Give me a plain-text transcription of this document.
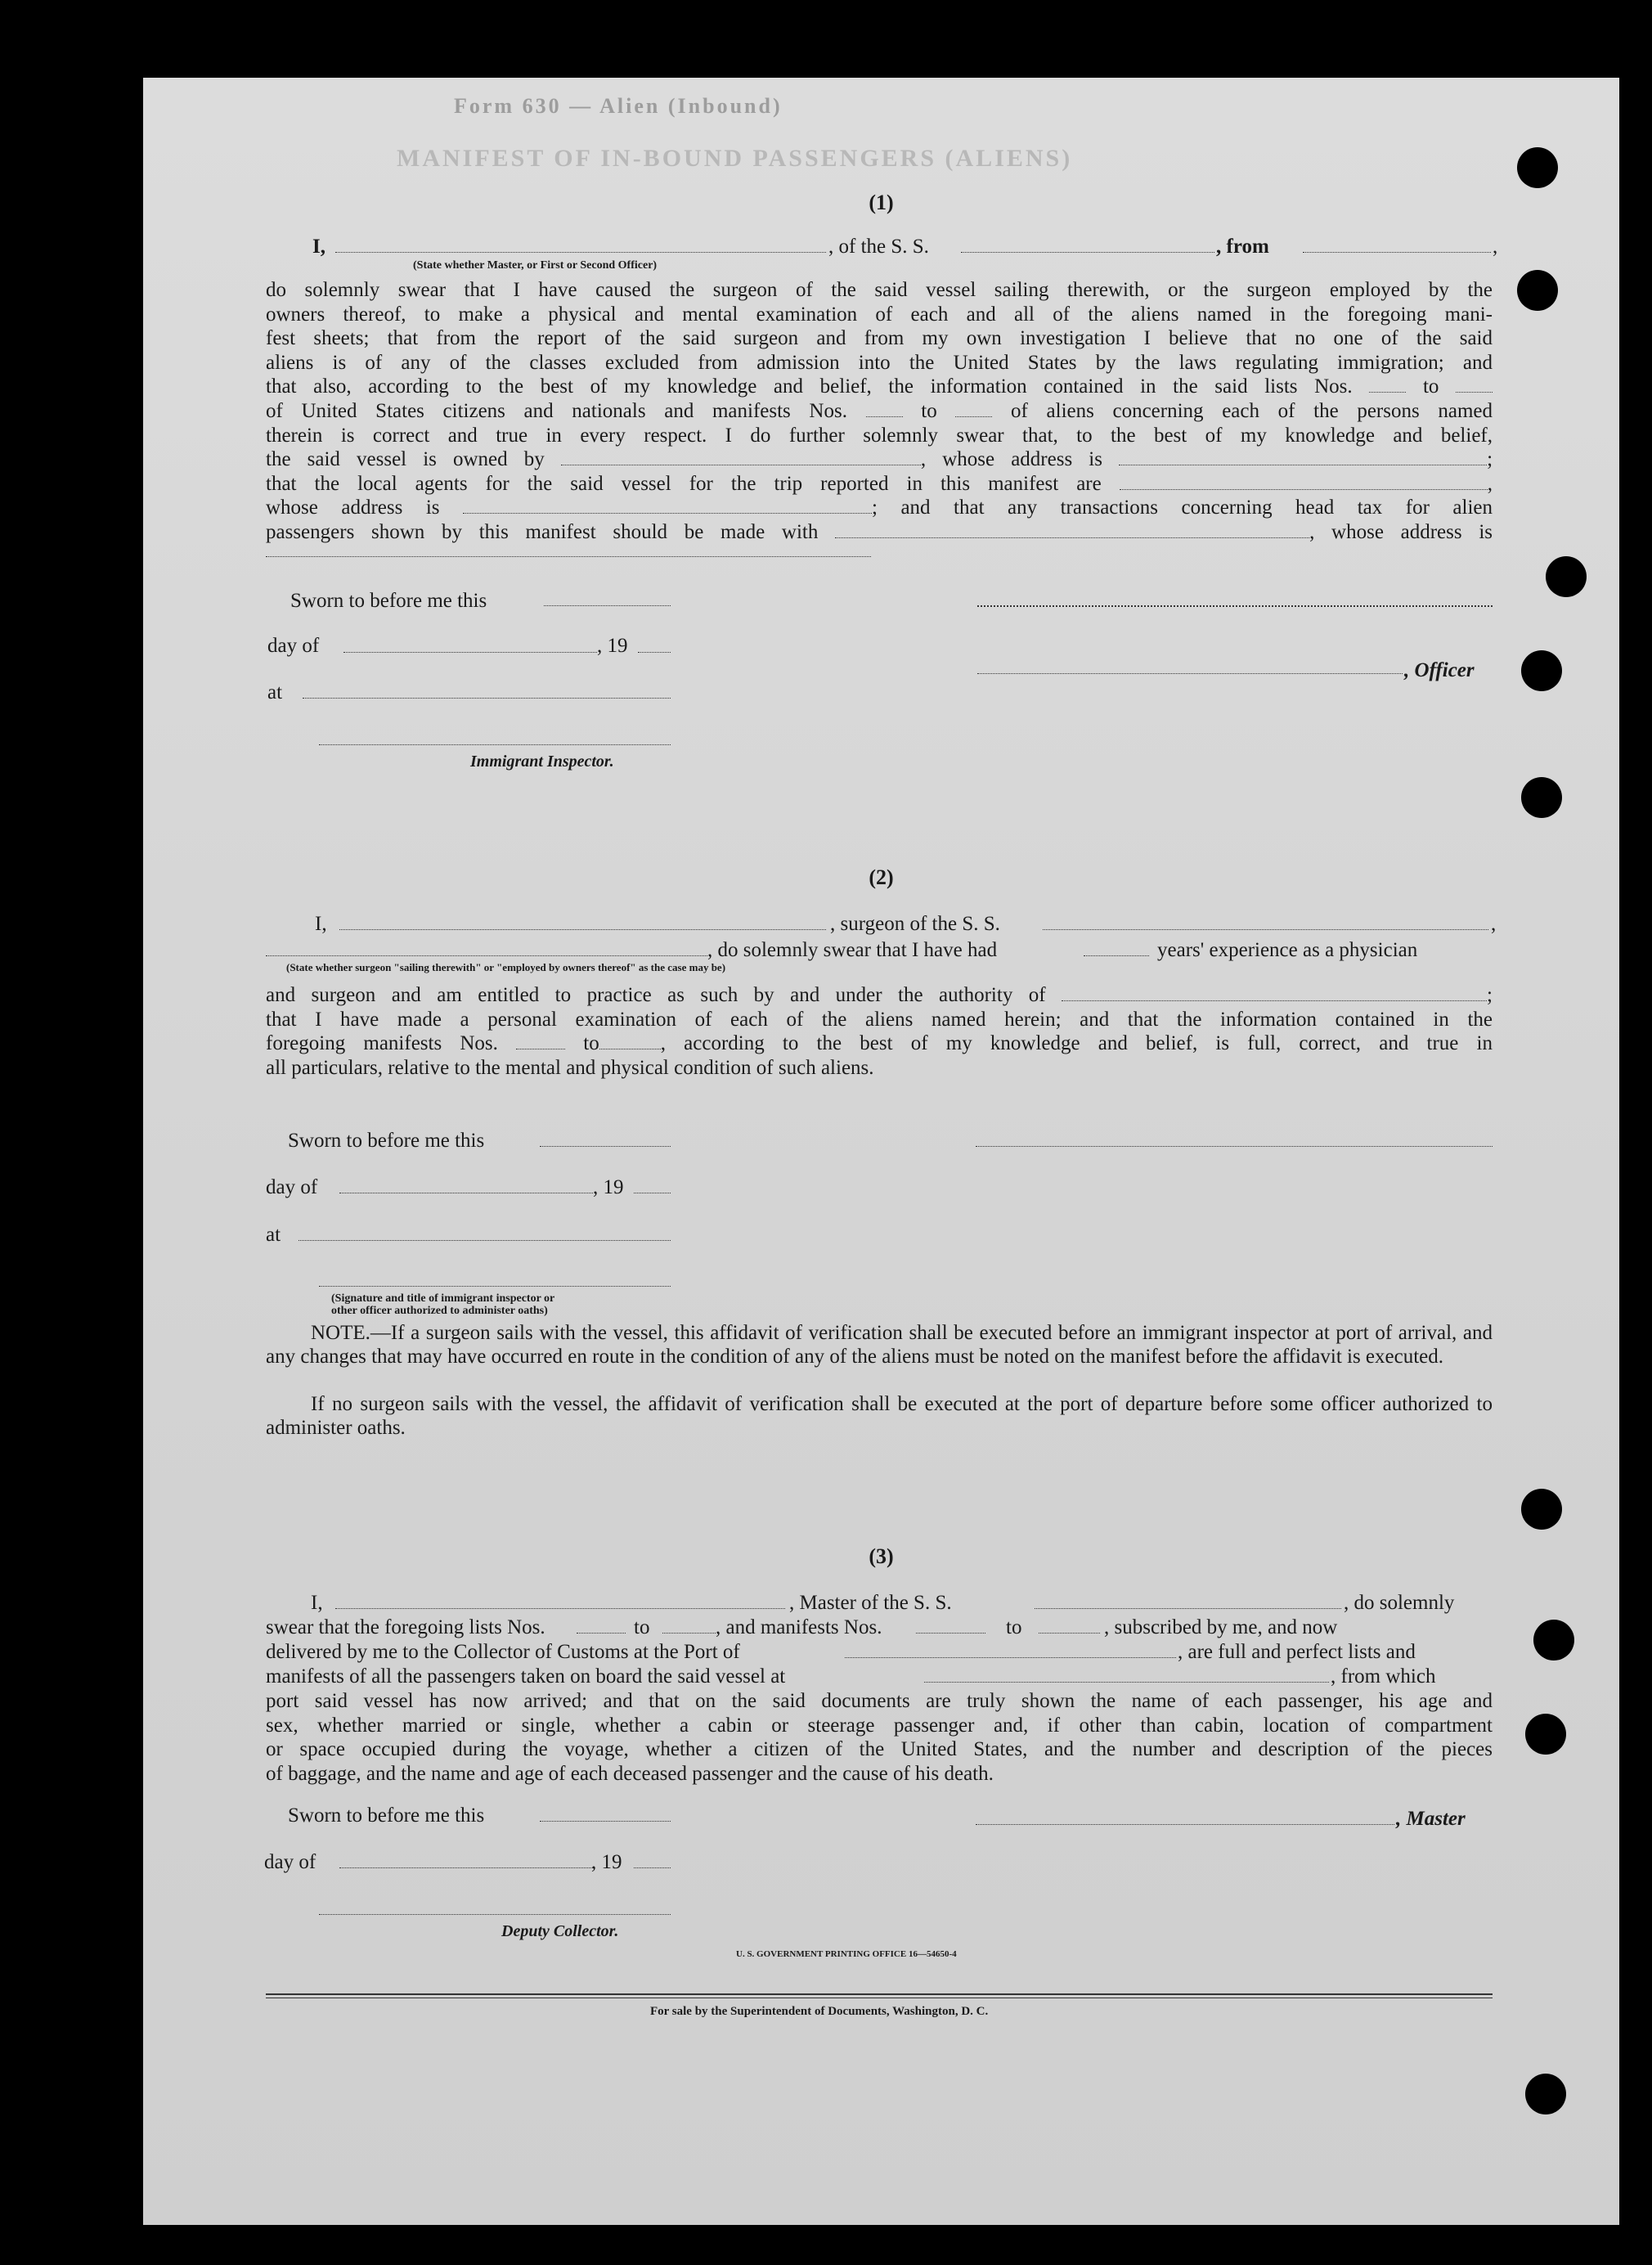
Form 630 — Alien (Inbound)
MANIFEST OF IN-BOUND PASSENGERS (ALIENS)
(1)
I,	, of the S. S.	, from	,
(State whether Master, or First or Second Officer)

do solemnly swear that I have caused the surgeon of the said vessel sailing therewith, or the surgeon employed by the

owners thereof, to make a physical and mental examination of each and all of the aliens named in the foregoing mani-

fest sheets; that from the report of the said surgeon and from my own investigation I believe that no one of the said

aliens is of any of the classes excluded from admission into the United States by the laws regulating immigration; and

that also, according to the best of my knowledge and belief, the information contained in the said lists Nos.	to

of United States citizens and nationals and manifests Nos.	to	of aliens concerning each of the persons named

therein is correct and true in every respect. I do further solemnly swear that, to the best of my knowledge and belief,

the said vessel is owned by	, whose address is	;

that the local agents for the said vessel for the trip reported in this manifest are	,

whose address is	; and that any transactions concerning head tax for alien

passengers shown by this manifest should be made with	, whose address is

Sworn to before me this
day of	, 19
, Officer
at
Immigrant Inspector.
(2)
I,	, surgeon of the S. S.	,
, do solemnly swear that I have had	years' experience as a physician
(State whether surgeon "sailing therewith" or "employed by owners thereof" as the case may be)

and surgeon and am entitled to practice as such by and under the authority of	;

that I have made a personal examination of each of the aliens named herein; and that the information contained in the

foregoing manifests Nos.	to	, according to the best of my knowledge and belief, is full, correct, and true in

all particulars, relative to the mental and physical condition of such aliens.

Sworn to before me this
day of	, 19
at
(Signature and title of immigrant inspector or
other officer authorized to administer oaths)
NOTE.—If a surgeon sails with the vessel, this affidavit of verification shall be executed before an immigrant inspector at port of arrival, and any changes that may have occurred en route in the condition of any of the aliens must be noted on the manifest before the affidavit is executed.
If no surgeon sails with the vessel, the affidavit of verification shall be executed at the port of departure before some officer authorized to administer oaths.
(3)
I,	, Master of the S. S.	, do solemnly
swear that the foregoing lists Nos.	to	, and manifests Nos.	to	, subscribed by me, and now
delivered by me to the Collector of Customs at the Port of	, are full and perfect lists and
manifests of all the passengers taken on board the said vessel at	, from which

port said vessel has now arrived; and that on the said documents are truly shown the name of each passenger, his age and

sex, whether married or single, whether a cabin or steerage passenger and, if other than cabin, location of compartment

or space occupied during the voyage, whether a citizen of the United States, and the number and description of the pieces

of baggage, and the name and age of each deceased passenger and the cause of his death.

Sworn to before me this	, Master
day of	, 19
Deputy Collector.
U. S. GOVERNMENT PRINTING OFFICE 16—54650-4
For sale by the Superintendent of Documents, Washington, D. C.
